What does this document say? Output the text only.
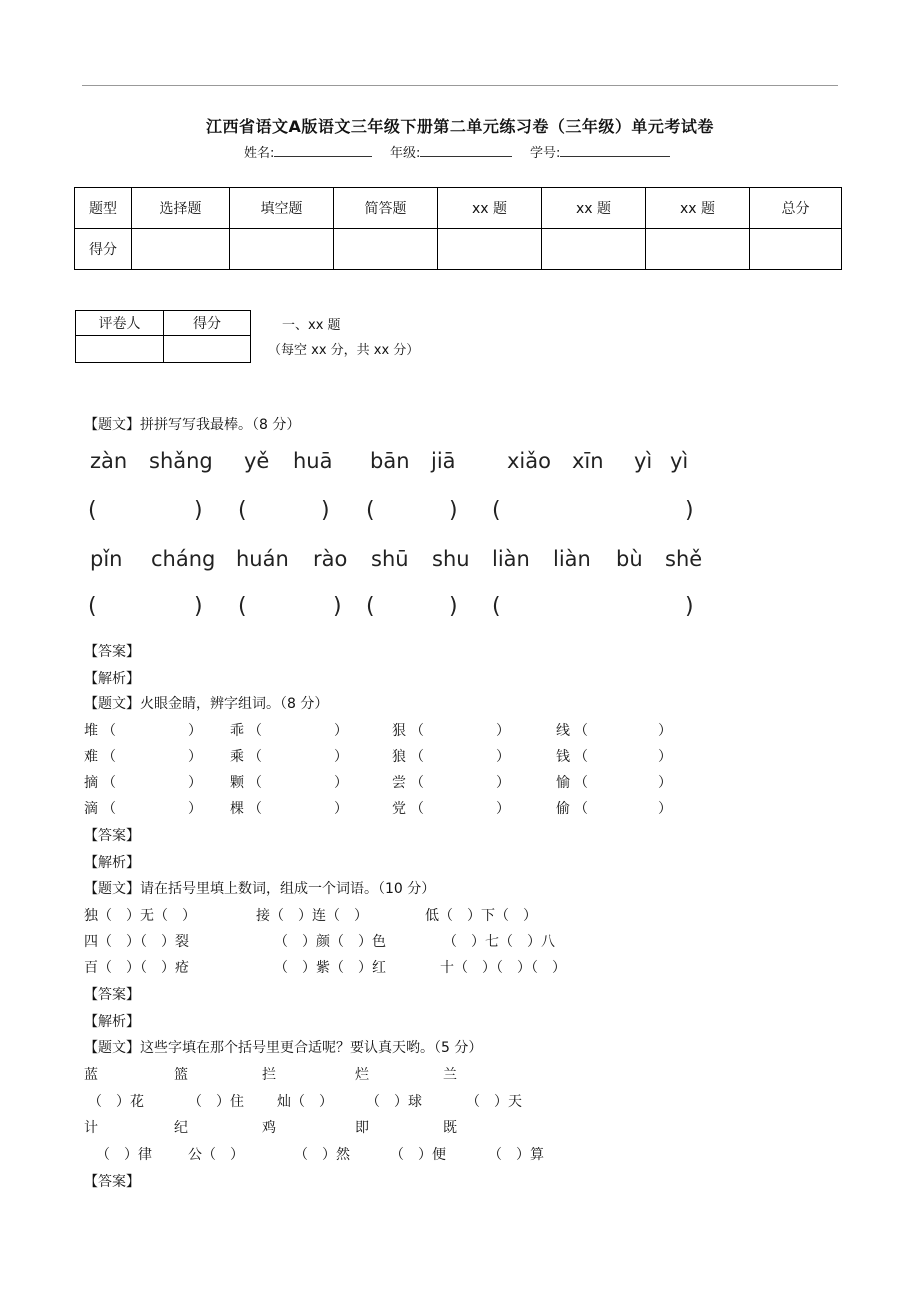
江西省语文A版语文三年级下册第二单元练习卷（三年级）单元考试卷
姓名:	年级:	学号:
题型	选择题	填空题	简答题	xx 题	xx 题	xx 题	总分
得分							
评卷人	得分
		一、xx 题
（每空 xx 分，共 xx 分）
【题文】拼拼写写我最棒。（8 分）
zàn shǎng yě huā bān jiā xiǎo xīn yì yì
(	) (	) (	) (	)
pǐn cháng huán rào shū shu liàn liàn bù shě
(	) (	) (	) (	)
【答案】
【解析】
【题文】火眼金睛，辨字组词。（8 分）
堆 （	） 乖 （	）	狠 （	）	线 （	）
难 （	） 乘 （	）	狼 （	）	钱 （	）
摘 （	） 颗 （	）	尝 （	）	愉 （	）
滴 （	） 棵 （	）	党 （	）	偷 （	）
【答案】
【解析】
【题文】请在括号里填上数词，组成一个词语。（10 分）
独（　）无（　）	接（　）连（　）	低（　）下（　）
四（　）（　）裂	（　）颜（　）色	（　）七（　）八
百（　）（　）疮	（　）紫（　）红	十（　）（　）（　）
【答案】
【解析】
【题文】这些字填在那个括号里更合适呢？要认真天哟。（5 分）
蓝	篮	拦	烂	兰
（　）花	（　）住 灿（　） （　）球	（　）天
计	纪	鸡	即	既
（　）律	公（　）	（　）然	（　）便	（　）算
【答案】
